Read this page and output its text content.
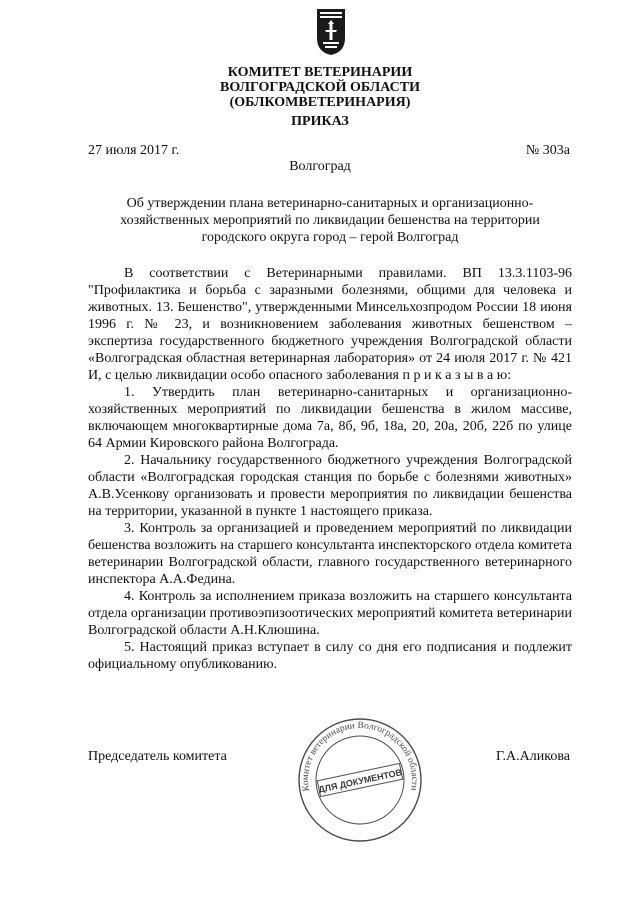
КОМИТЕТ ВЕТЕРИНАРИИ
ВОЛГОГРАДСКОЙ ОБЛАСТИ
(ОБЛКОМВЕТЕРИНАРИЯ)
ПРИКАЗ
27 июля 2017 г.	№ 303а
Волгоград
Об утверждении плана ветеринарно-санитарных и организационно-
хозяйственных мероприятий по ликвидации бешенства на территории
городского округа город – герой Волгоград

В соответствии с Ветеринарными правилами. ВП 13.3.1103-96 "Профилактика и борьба с заразными болезнями, общими для человека и животных. 13. Бешенство", утвержденными Минсельхозпродом России 18 июня 1996 г. № 23, и возникновением заболевания животных бешенством – экспертиза государственного бюджетного учреждения Волгоградской области «Волгоградская областная ветеринарная лаборатория» от 24 июля 2017 г. № 421 И, с целью ликвидации особо опасного заболевания п р и к а з ы в а ю:

1. Утвердить план ветеринарно-санитарных и организационно-хозяйственных мероприятий по ликвидации бешенства в жилом массиве, включающем многоквартирные дома 7а, 8б, 9б, 18а, 20, 20а, 20б, 22б по улице 64 Армии Кировского района Волгограда.

2. Начальнику государственного бюджетного учреждения Волгоградской области «Волгоградская городская станция по борьбе с болезнями животных» А.В.Усенкову организовать и провести мероприятия по ликвидации бешенства на территории, указанной в пункте 1 настоящего приказа.

3. Контроль за организацией и проведением мероприятий по ликвидации бешенства возложить на старшего консультанта инспекторского отдела комитета ветеринарии Волгоградской области, главного государственного ветеринарного инспектора А.А.Федина.

4. Контроль за исполнением приказа возложить на старшего консультанта отдела организации противоэпизоотических мероприятий комитета ветеринарии Волгоградской области А.Н.Клюшина.

5. Настоящий приказ вступает в силу со дня его подписания и подлежит официальному опубликованию.

Председатель комитета	Г.А.Аликова
Комитет ветеринарии Волгоградской области
ДЛЯ ДОКУМЕНТОВ
